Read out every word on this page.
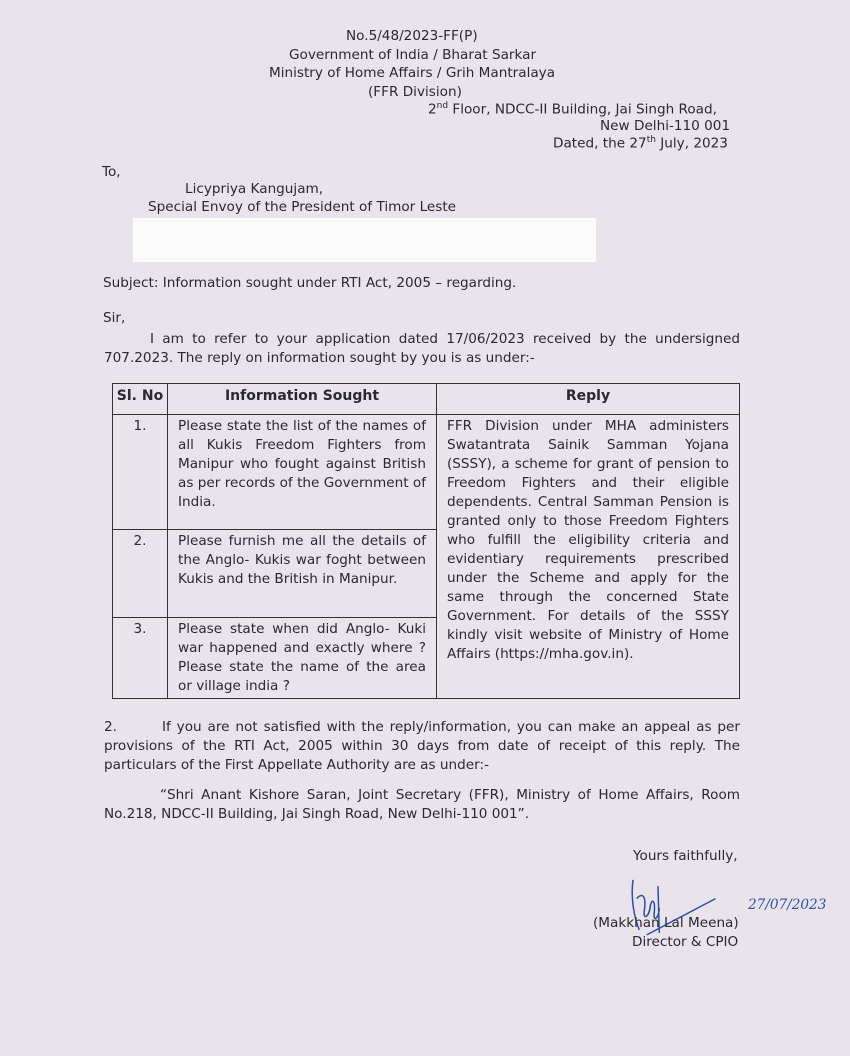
No.5/48/2023-FF(P)
Government of India / Bharat Sarkar
Ministry of Home Affairs / Grih Mantralaya
(FFR Division)
2nd Floor, NDCC-II Building, Jai Singh Road,
New Delhi-110 001
Dated, the 27th July, 2023
To,
Licypriya Kangujam,
Special Envoy of the President of Timor Leste
Subject: Information sought under RTI Act, 2005 – regarding.
Sir,
I am to refer to your application dated 17/06/2023 received by the undersigned 707.2023. The reply on information sought by you is as under:-
Sl. No	Information Sought	Reply
1.	Please state the list of the names of all Kukis Freedom Fighters from Manipur who fought against British as per records of the Government of India.	FFR Division under MHA administers Swatantrata Sainik Samman Yojana (SSSY), a scheme for grant of pension to Freedom Fighters and their eligible dependents. Central Samman Pension is granted only to those Freedom Fighters who fulfill the eligibility criteria and evidentiary requirements prescribed under the Scheme and apply for the same through the concerned State Government. For details of the SSSY kindly visit website of Ministry of Home Affairs (https://mha.gov.in).
2.	Please furnish me all the details of the Anglo- Kukis war foght between Kukis and the British in Manipur.	
3.	Please state when did Anglo- Kuki war happened and exactly where ? Please state the name of the area or village india ?	
2.	If you are not satisfied with the reply/information, you can make an appeal as per provisions of the RTI Act, 2005 within 30 days from date of receipt of this reply. The particulars of the First Appellate Authority are as under:-
“Shri Anant Kishore Saran, Joint Secretary (FFR), Ministry of Home Affairs, Room No.218, NDCC-II Building, Jai Singh Road, New Delhi-110 001”.
Yours faithfully,
(Makkhan Lal Meena)
Director & CPIO
27/07/2023
